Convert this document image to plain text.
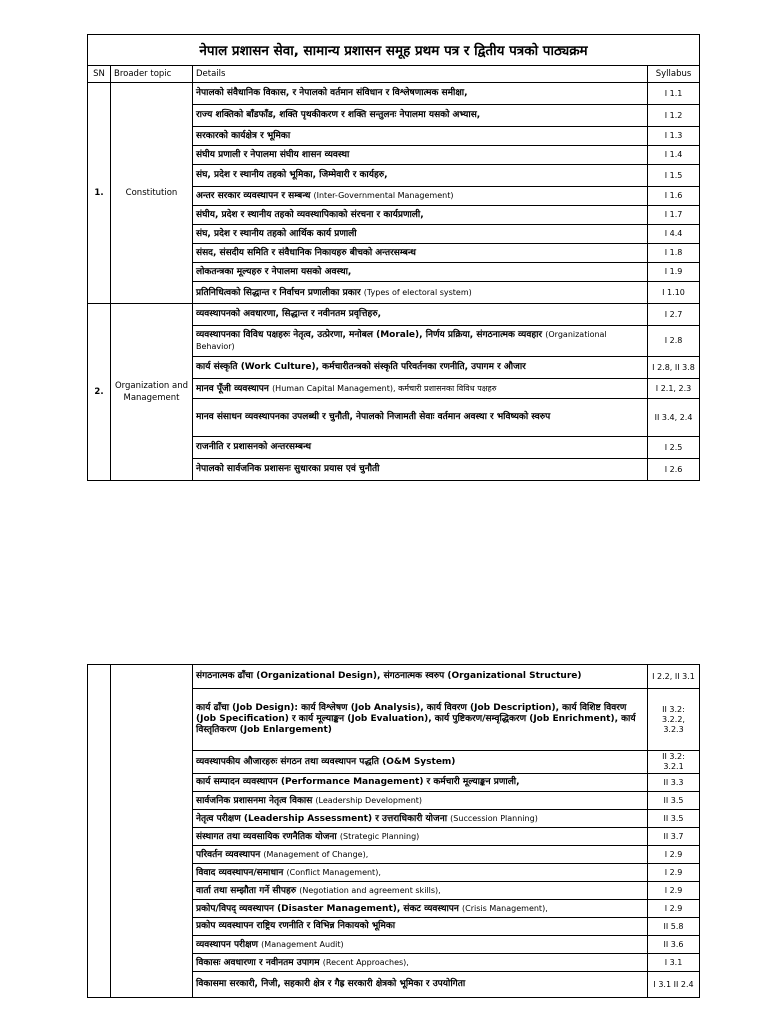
नेपाल प्रशासन सेवा, सामान्य प्रशासन समूह प्रथम पत्र र द्वितीय पत्रको पाठ्यक्रम			
SN	Broader topic	Details	Syllabus
1.	Constitution	नेपालको संवैधानिक विकास, र नेपालको वर्तमान संविधान र विश्लेषणात्मक समीक्षा,	I 1.1
		राज्य शक्तिको बाँडफाँड, शक्ति पृथकीकरण र शक्ति सन्तुलनः नेपालमा यसको अभ्यास,	I 1.2
		सरकारको कार्यक्षेत्र र भूमिका	I 1.3
		संघीय प्रणाली र नेपालमा संघीय शासन व्यवस्था	I 1.4
		संघ, प्रदेश र स्थानीय तहको भूमिका, जिम्मेवारी र कार्यहरु,	I 1.5
		अन्तर सरकार व्यवस्थापन र सम्बन्ध (Inter-Governmental Management)	I 1.6
		संघीय, प्रदेश र स्थानीय तहको व्यवस्थापिकाको संरचना र कार्यप्रणाली,	I 1.7
		संघ, प्रदेश र स्थानीय तहको आर्थिक कार्य प्रणाली	I 4.4
		संसद, संसदीय समिति र संवैधानिक निकायहरु बीचको अन्तरसम्बन्ध	I 1.8
		लोकतन्त्रका मूल्यहरु र नेपालमा यसको अवस्था,	I 1.9
		प्रतिनिधित्वको सिद्धान्त र निर्वाचन प्रणालीका प्रकार (Types of electoral system)	I 1.10
2.	Organization and Management	व्यवस्थापनको अवधारणा, सिद्धान्त र नवीनतम प्रवृत्तिहरु,	I 2.7
		व्यवस्थापनका विविध पक्षहरुः नेतृत्व, उत्प्रेरणा, मनोबल (Morale), निर्णय प्रक्रिया, संगठनात्मक व्यवहार (Organizational Behavior)	I 2.8
		कार्य संस्कृति (Work Culture), कर्मचारीतन्त्रको संस्कृति परिवर्तनका रणनीति, उपागम र औजार	I 2.8, II 3.8
		मानव पूँजी व्यवस्थापन (Human Capital Management), कर्मचारी प्रशासनका विविध पक्षहरु	I 2.1, 2.3
		मानव संसाधन व्यवस्थापनका उपलब्धी र चुनौती, नेपालको निजामती सेवाः वर्तमान अवस्था र भविष्यको स्वरुप	II 3.4, 2.4
		राजनीति र प्रशासनको अन्तरसम्बन्ध	I 2.5
		नेपालको सार्वजनिक प्रशासनः सुधारका प्रयास एवं चुनौती	I 2.6
		संगठनात्मक ढाँचा (Organizational Design), संगठनात्मक स्वरुप (Organizational Structure)	I 2.2, II 3.1
		कार्य ढाँचा (Job Design): कार्य विश्लेषण (Job Analysis), कार्य विवरण (Job Description), कार्य विशिष्ट विवरण (Job Specification) र कार्य मूल्याङ्कन (Job Evaluation), कार्य पुष्टिकरण/सम्वृद्धिकरण (Job Enrichment), कार्य विस्तृतिकरण (Job Enlargement)	II 3.2: 3.2.2, 3.2.3
		व्यवस्थापकीय औजारहरुः संगठन तथा व्यवस्थापन पद्धति (O&M System)	II 3.2: 3.2.1
		कार्य सम्पादन व्यवस्थापन (Performance Management) र कर्मचारी मूल्याङ्कन प्रणाली,	II 3.3
		सार्वजनिक प्रशासनमा नेतृत्व विकास (Leadership Development)	II 3.5
		नेतृत्व परीक्षण (Leadership Assessment) र उत्तराधिकारी योजना (Succession Planning)	II 3.5
		संस्थागत तथा व्यवसायिक रणनैतिक योजना (Strategic Planning)	II 3.7
		परिवर्तन व्यवस्थापन (Management of Change),	I 2.9
		विवाद व्यवस्थापन/समाधान (Conflict Management),	I 2.9
		वार्ता तथा सम्झौता गर्ने सीपहरु (Negotiation and agreement skills),	I 2.9
		प्रकोप/विपद् व्यवस्थापन (Disaster Management), संकट व्यवस्थापन (Crisis Management),	I 2.9
		प्रकोप व्यवस्थापन राष्ट्रिय रणनीति र विभिन्न निकायको भूमिका	II 5.8
		व्यवस्थापन परीक्षण (Management Audit)	II 3.6
		विकासः अवधारणा र नवीनतम उपागम (Recent Approaches),	I 3.1
		विकासमा सरकारी, निजी, सहकारी क्षेत्र र गैह्र सरकारी क्षेत्रको भूमिका र उपयोगिता	I 3.1 II 2.4
